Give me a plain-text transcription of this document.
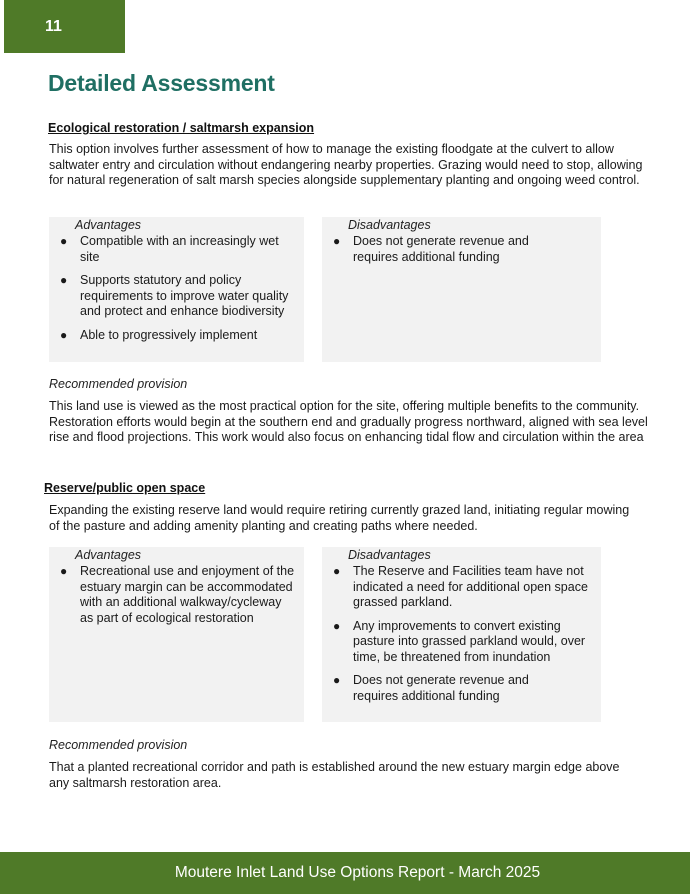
11
Detailed Assessment
Ecological restoration / saltmarsh expansion

This option involves further assessment of how to manage the existing floodgate at the culvert to allow saltwater entry and circulation without endangering nearby properties. Grazing would need to stop, allowing for natural regeneration of salt marsh species alongside supplementary planting and ongoing weed control.

Advantages
● Compatible with an increasingly wet site
● Supports statutory and policy requirements to improve water quality and protect and enhance biodiversity
● Able to progressively implement
Disadvantages
● Does not generate revenue and requires additional funding

Recommended provision

This land use is viewed as the most practical option for the site, offering multiple benefits to the community. Restoration efforts would begin at the southern end and gradually progress northward, aligned with sea level rise and flood projections. This work would also focus on enhancing tidal flow and circulation within the area

Reserve/public open space

Expanding the existing reserve land would require retiring currently grazed land, initiating regular mowing of the pasture and adding amenity planting and creating paths where needed.

Advantages
● Recreational use and enjoyment of the estuary margin can be accommodated with an additional walkway/cycleway as part of ecological restoration
Disadvantages
● The Reserve and Facilities team have not indicated a need for additional open space grassed parkland.
● Any improvements to convert existing pasture into grassed parkland would, over time, be threatened from inundation
● Does not generate revenue and requires additional funding

Recommended provision

That a planted recreational corridor and path is established around the new estuary margin edge above any saltmarsh restoration area.

Moutere Inlet Land Use Options Report - March 2025
